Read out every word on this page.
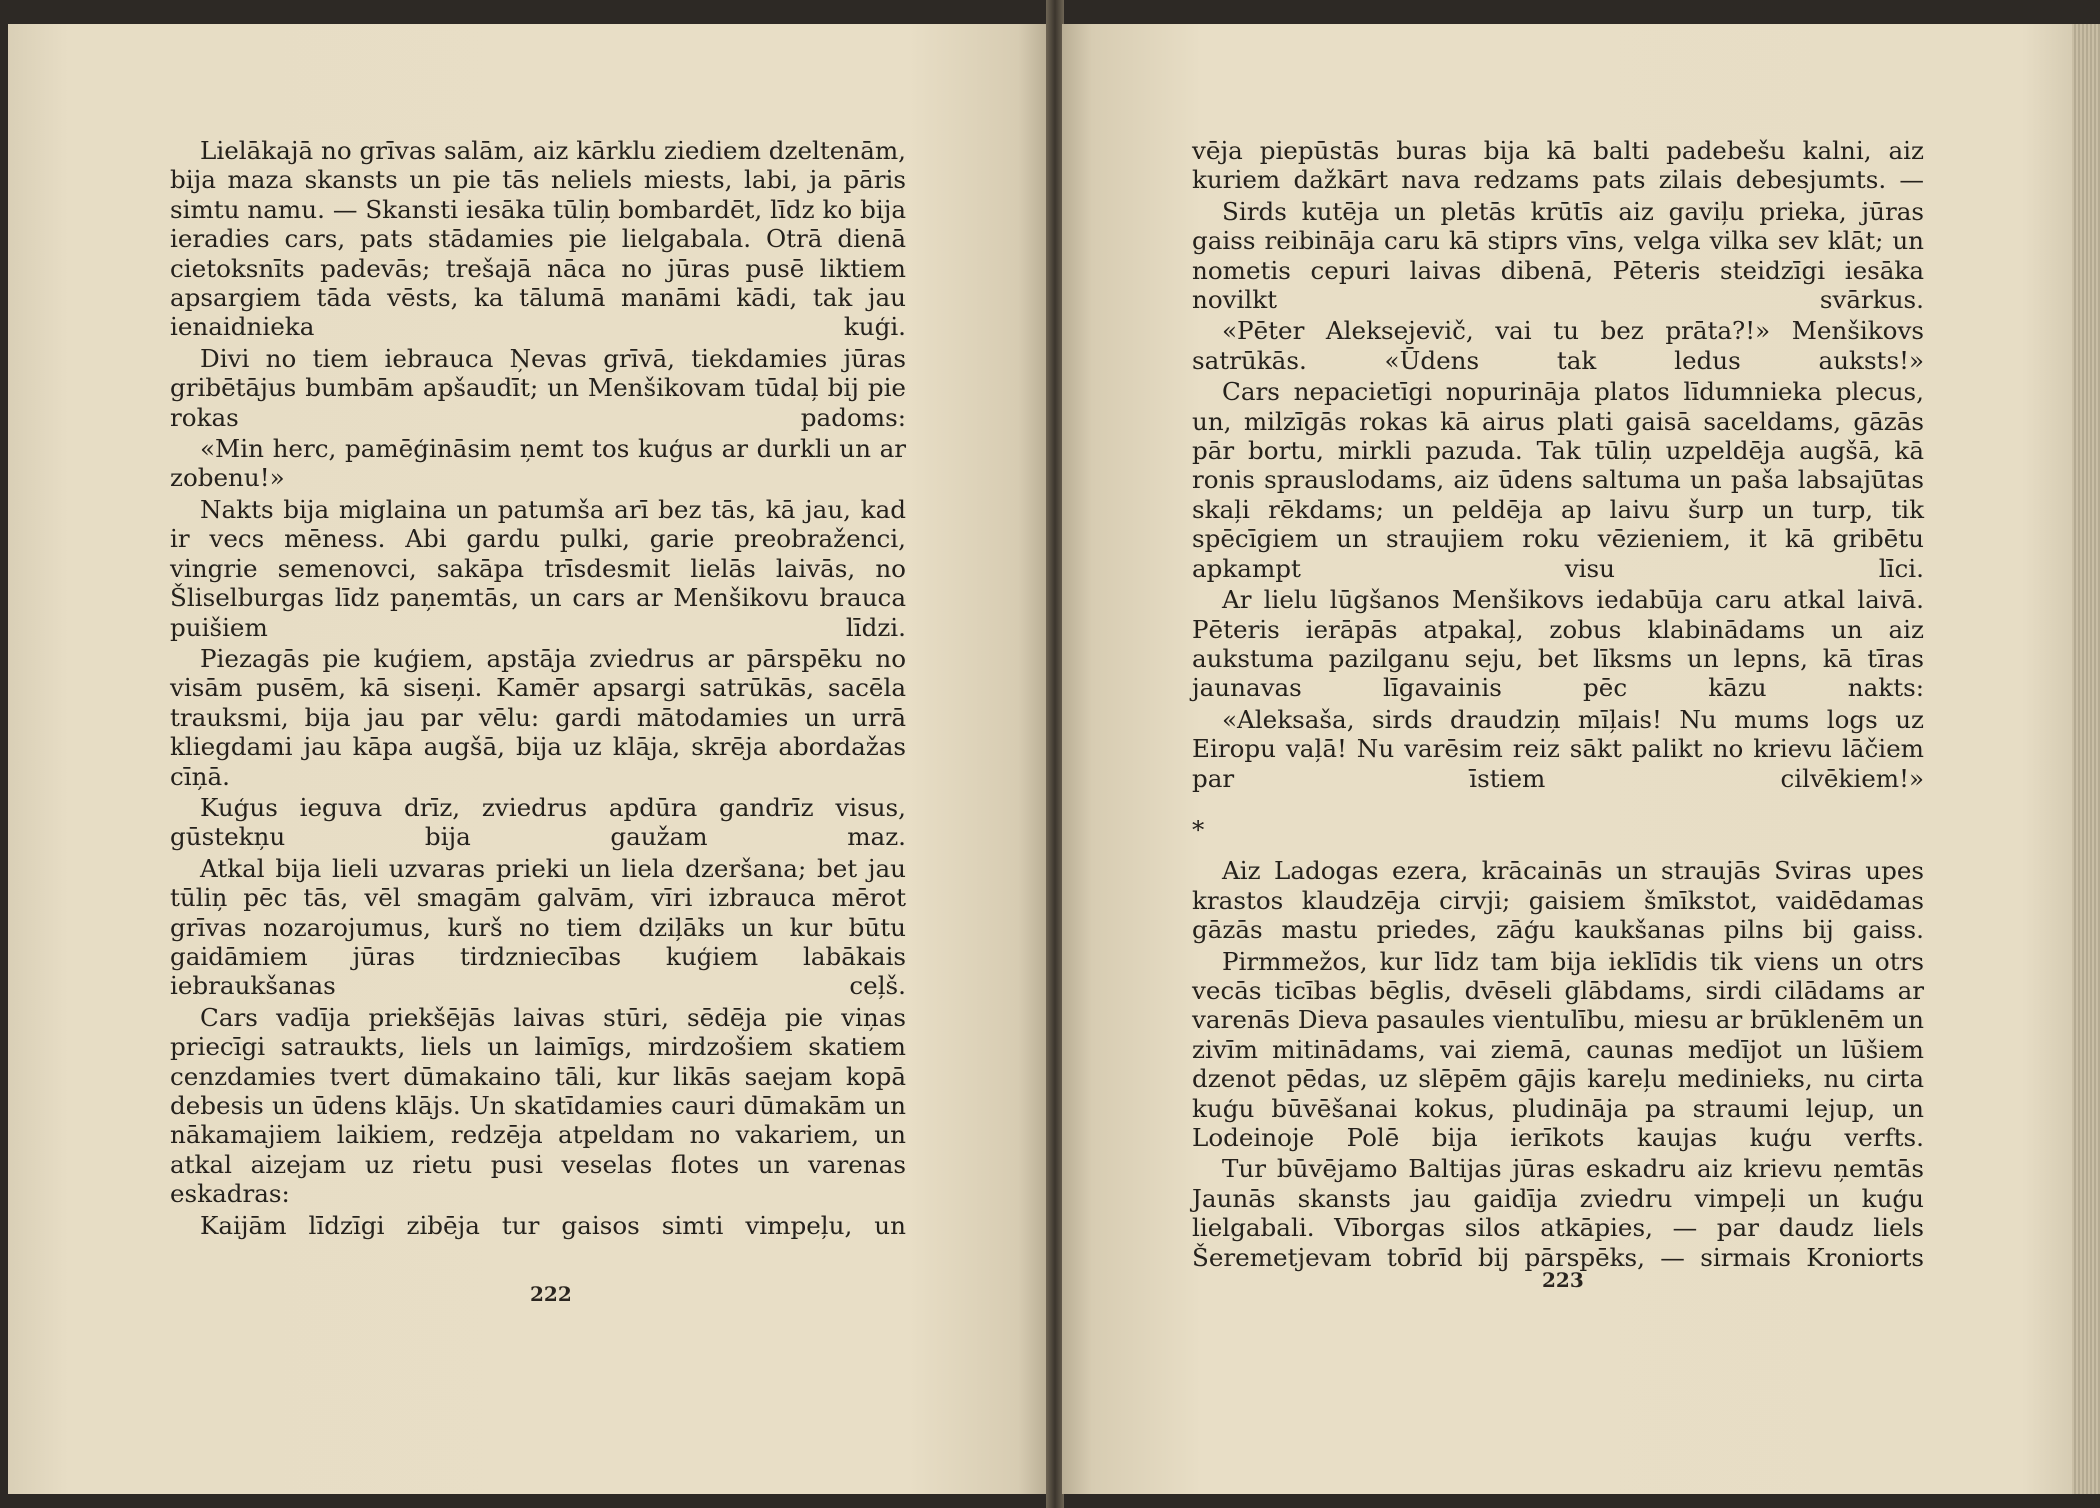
Lielākajā no grīvas salām, aiz kārklu ziediem dzeltenām, bija maza skansts un pie tās neliels miests, labi, ja pāris simtu namu. — Skansti iesāka tūliņ bombardēt, līdz ko bija ieradies cars, pats stādamies pie lielgabala. Otrā dienā cietoksnīts padevās; trešajā nāca no jūras pusē liktiem apsargiem tāda vēsts, ka tālumā manāmi kādi, tak jau ienaidnieka kuģi.

Divi no tiem iebrauca Ņevas grīvā, tiekdamies jūras gribētājus bumbām apšaudīt; un Menšikovam tūdaļ bij pie rokas padoms:

«Min herc, pamēģināsim ņemt tos kuģus ar durkli un ar zobenu!»

Nakts bija miglaina un patumša arī bez tās, kā jau, kad ir vecs mēness. Abi gardu pulki, garie preobraženci, vingrie semenovci, sakāpa trīsdesmit lielās laivās, no Šliselburgas līdz paņemtās, un cars ar Menšikovu brauca puišiem līdzi.

Piezagās pie kuģiem, apstāja zviedrus ar pārspēku no visām pusēm, kā siseņi. Kamēr apsargi satrūkās, sacēla trauksmi, bija jau par vēlu: gardi mātodamies un urrā kliegdami jau kāpa augšā, bija uz klāja, skrēja abordažas cīņā.

Kuģus ieguva drīz, zviedrus apdūra gandrīz visus, gūstekņu bija gaužam maz.

Atkal bija lieli uzvaras prieki un liela dzeršana; bet jau tūliņ pēc tās, vēl smagām galvām, vīri izbrauca mērot grīvas nozarojumus, kurš no tiem dziļāks un kur būtu gaidāmiem jūras tirdzniecības kuģiem labākais iebraukšanas ceļš.

Cars vadīja priekšējās laivas stūri, sēdēja pie viņas priecīgi satraukts, liels un laimīgs, mirdzošiem skatiem cenzdamies tvert dūmakaino tāli, kur likās saejam kopā debesis un ūdens klājs. Un skatīdamies cauri dūmakām un nākamajiem laikiem, redzēja atpeldam no vakariem, un atkal aizejam uz rietu pusi veselas flotes un varenas eskadras:

Kaijām līdzīgi zibēja tur gaisos simti vimpeļu, un

222

vēja piepūstās buras bija kā balti padebešu kalni, aiz kuriem dažkārt nava redzams pats zilais debesjumts. —

Sirds kutēja un pletās krūtīs aiz gaviļu prieka, jūras gaiss reibināja caru kā stiprs vīns, velga vilka sev klāt; un nometis cepuri laivas dibenā, Pēteris steidzīgi iesāka novilkt svārkus.

«Pēter Aleksejevič, vai tu bez prāta?!» Menšikovs satrūkās. «Ūdens tak ledus auksts!»

Cars nepacietīgi nopurināja platos līdumnieka plecus, un, milzīgās rokas kā airus plati gaisā saceldams, gāzās pār bortu, mirkli pazuda. Tak tūliņ uzpeldēja augšā, kā ronis sprauslodams, aiz ūdens saltuma un paša labsajūtas skaļi rēkdams; un peldēja ap laivu šurp un turp, tik spēcīgiem un straujiem roku vēzieniem, it kā gribētu apkampt visu līci.

Ar lielu lūgšanos Menšikovs iedabūja caru atkal laivā. Pēteris ierāpās atpakaļ, zobus klabinādams un aiz aukstuma pazilganu seju, bet līksms un lepns, kā tīras jaunavas līgavainis pēc kāzu nakts:

«Aleksaša, sirds draudziņ mīļais! Nu mums logs uz Eiropu vaļā! Nu varēsim reiz sākt palikt no krievu lāčiem par īstiem cilvēkiem!»

*

Aiz Ladogas ezera, krācainās un straujās Sviras upes krastos klaudzēja cirvji; gaisiem šmīkstot, vaidēdamas gāzās mastu priedes, zāģu kaukšanas pilns bij gaiss.

Pirmmežos, kur līdz tam bija ieklīdis tik viens un otrs vecās ticības bēglis, dvēseli glābdams, sirdi cilādams ar varenās Dieva pasaules vientulību, miesu ar brūklenēm un zivīm mitinādams, vai ziemā, caunas medījot un lūšiem dzenot pēdas, uz slēpēm gājis kareļu medinieks, nu cirta kuģu būvēšanai kokus, pludināja pa straumi lejup, un Lodeinoje Polē bija ierīkots kaujas kuģu verfts.

Tur būvējamo Baltijas jūras eskadru aiz krievu ņemtās Jaunās skansts jau gaidīja zviedru vimpeļi un kuģu lielgabali. Vīborgas silos atkāpies, — par daudz liels Šeremetjevam tobrīd bij pārspēks, — sirmais Kroniorts

223
